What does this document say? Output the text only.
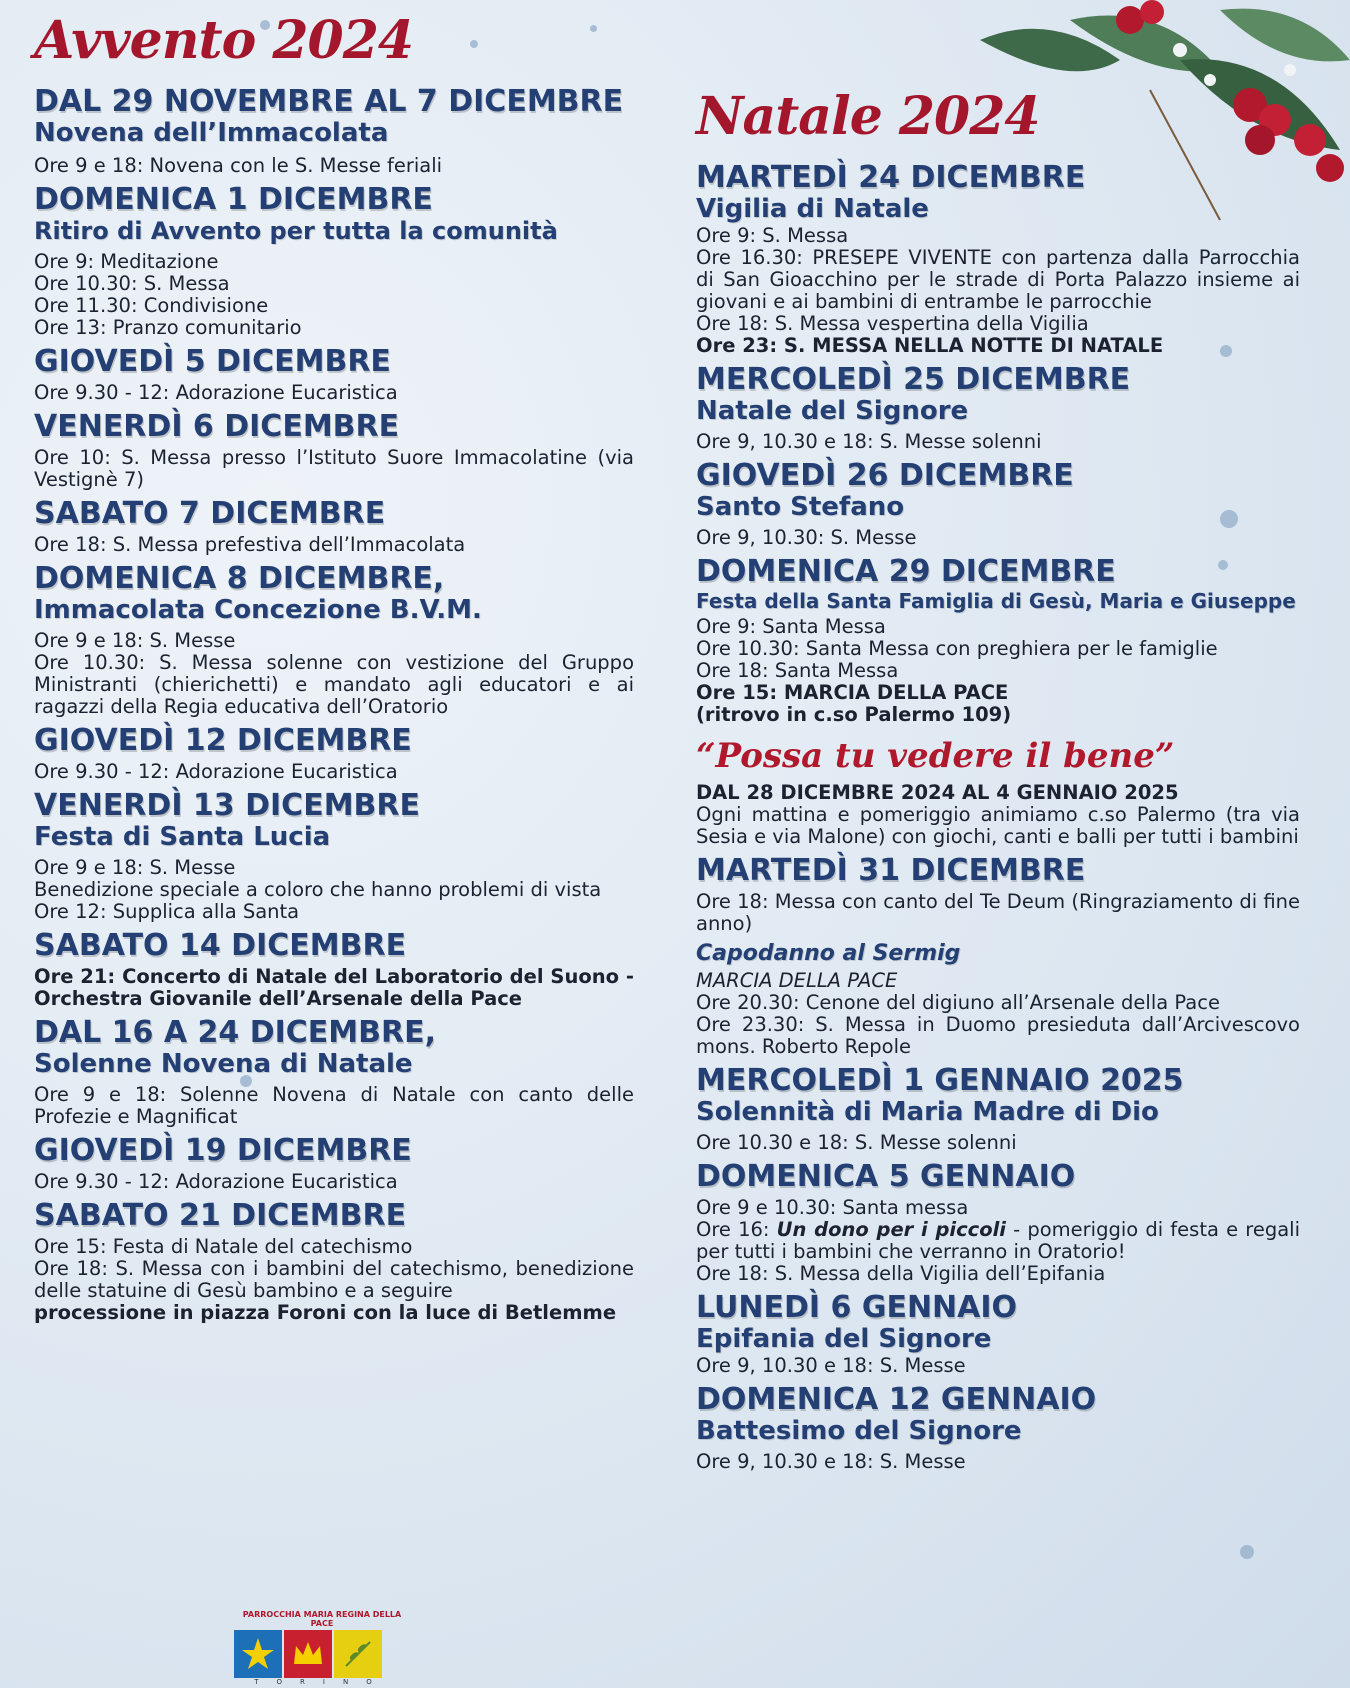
Avvento 2024
DAL 29 NOVEMBRE AL 7 DICEMBRE
Novena dell’Immacolata
Ore 9 e 18: Novena con le S. Messe feriali
DOMENICA 1 DICEMBRE
Ritiro di Avvento per tutta la comunità
Ore 9: Meditazione
Ore 10.30: S. Messa
Ore 11.30: Condivisione
Ore 13: Pranzo comunitario
GIOVEDÌ 5 DICEMBRE
Ore 9.30 - 12: Adorazione Eucaristica
VENERDÌ 6 DICEMBRE
Ore 10: S. Messa presso l’Istituto Suore Immacolatine (via Vestignè 7)
SABATO 7 DICEMBRE
Ore 18: S. Messa prefestiva dell’Immacolata
DOMENICA 8 DICEMBRE,
Immacolata Concezione B.V.M.
Ore 9 e 18: S. Messe
Ore 10.30: S. Messa solenne con vestizione del Gruppo Ministranti (chierichetti) e mandato agli educatori e ai ragazzi della Regia educativa dell’Oratorio
GIOVEDÌ 12 DICEMBRE
Ore 9.30 - 12: Adorazione Eucaristica
VENERDÌ 13 DICEMBRE
Festa di Santa Lucia
Ore 9 e 18: S. Messe
Benedizione speciale a coloro che hanno problemi di vista
Ore 12: Supplica alla Santa
SABATO 14 DICEMBRE
Ore 21: Concerto di Natale del Laboratorio del Suono - Orchestra Giovanile dell’Arsenale della Pace
DAL 16 A 24 DICEMBRE,
Solenne Novena di Natale
Ore 9 e 18: Solenne Novena di Natale con canto delle Profezie e Magnificat
GIOVEDÌ 19 DICEMBRE
Ore 9.30 - 12: Adorazione Eucaristica
SABATO 21 DICEMBRE
Ore 15: Festa di Natale del catechismo
Ore 18: S. Messa con i bambini del catechismo, benedizione delle statuine di Gesù bambino e a seguire
processione in piazza Foroni con la luce di Betlemme
PARROCCHIA MARIA REGINA DELLA PACE
TORINO
Natale 2024
MARTEDÌ 24 DICEMBRE
Vigilia di Natale
Ore 9: S. Messa
Ore 16.30: PRESEPE VIVENTE con partenza dalla Parrocchia di San Gioacchino per le strade di Porta Palazzo insieme ai giovani e ai bambini di entrambe le parrocchie
Ore 18: S. Messa vespertina della Vigilia
Ore 23: S. MESSA NELLA NOTTE DI NATALE
MERCOLEDÌ 25 DICEMBRE
Natale del Signore
Ore 9, 10.30 e 18: S. Messe solenni
GIOVEDÌ 26 DICEMBRE
Santo Stefano
Ore 9, 10.30: S. Messe
DOMENICA 29 DICEMBRE
Festa della Santa Famiglia di Gesù, Maria e Giuseppe
Ore 9: Santa Messa
Ore 10.30: Santa Messa con preghiera per le famiglie
Ore 18: Santa Messa
Ore 15: MARCIA DELLA PACE
(ritrovo in c.so Palermo 109)
“Possa tu vedere il bene”
DAL 28 DICEMBRE 2024 AL 4 GENNAIO 2025
Ogni mattina e pomeriggio animiamo c.so Palermo (tra via Sesia e via Malone) con giochi, canti e balli per tutti i bambini
MARTEDÌ 31 DICEMBRE
Ore 18: Messa con canto del Te Deum (Ringraziamento di fine anno)
Capodanno al Sermig
MARCIA DELLA PACE
Ore 20.30: Cenone del digiuno all’Arsenale della Pace
Ore 23.30: S. Messa in Duomo presieduta dall’Arcivescovo mons. Roberto Repole
MERCOLEDÌ 1 GENNAIO 2025
Solennità di Maria Madre di Dio
Ore 10.30 e 18: S. Messe solenni
DOMENICA 5 GENNAIO
Ore 9 e 10.30: Santa messa
Ore 16: Un dono per i piccoli - pomeriggio di festa e regali per tutti i bambini che verranno in Oratorio!
Ore 18: S. Messa della Vigilia dell’Epifania
LUNEDÌ 6 GENNAIO
Epifania del Signore
Ore 9, 10.30 e 18: S. Messe
DOMENICA 12 GENNAIO
Battesimo del Signore
Ore 9, 10.30 e 18: S. Messe
